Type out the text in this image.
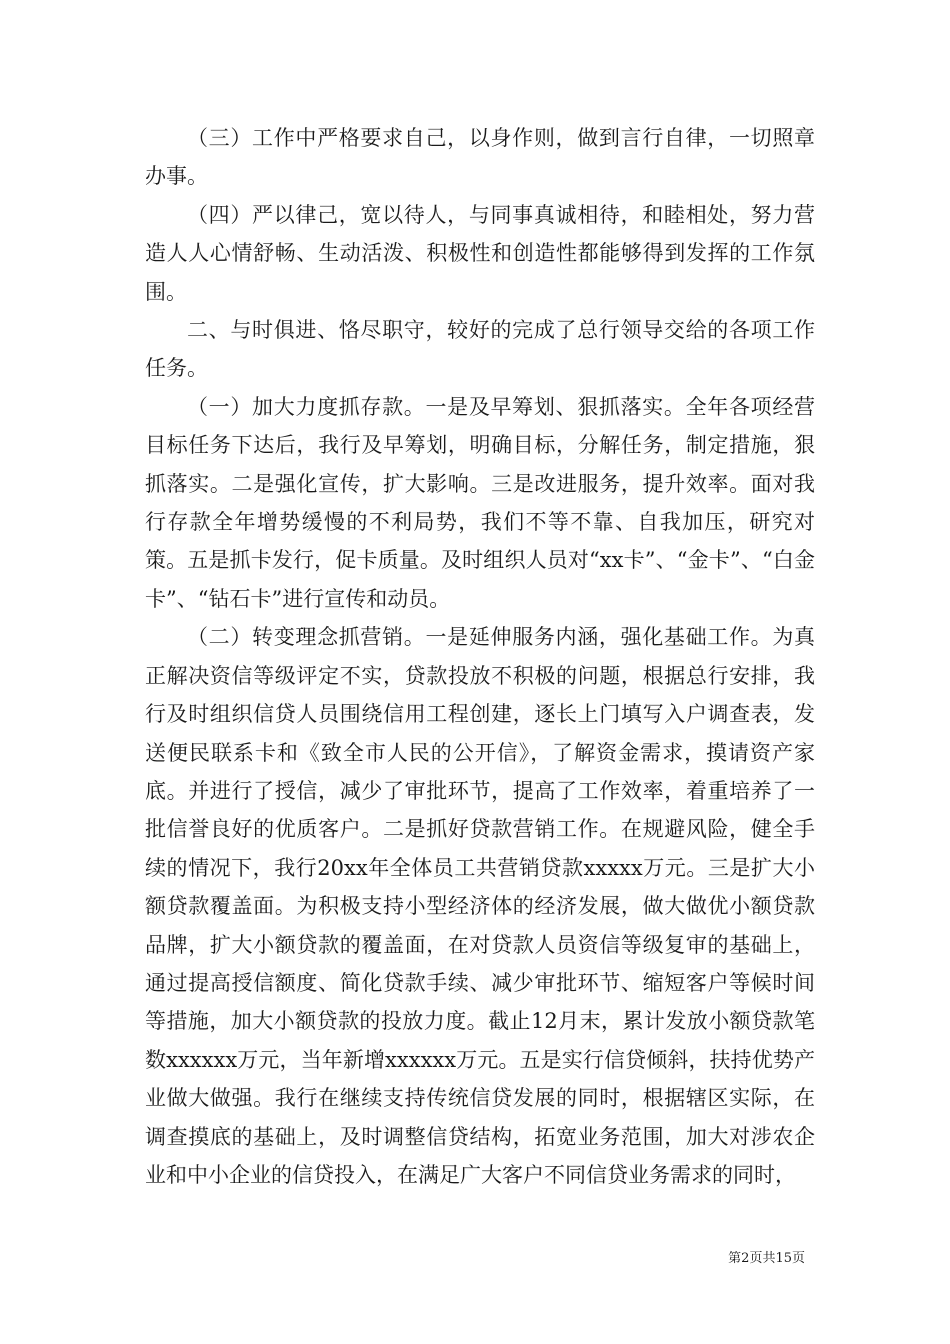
（三）工作中严格要求自己，以身作则，做到言行自律，一切照章办事。

（四）严以律己，宽以待人，与同事真诚相待，和睦相处，努力营造人人心情舒畅、生动活泼、积极性和创造性都能够得到发挥的工作氛围。

二、与时俱进、恪尽职守，较好的完成了总行领导交给的各项工作任务。

（一）加大力度抓存款。一是及早筹划、狠抓落实。全年各项经营目标任务下达后，我行及早筹划，明确目标，分解任务，制定措施，狠抓落实。二是强化宣传，扩大影响。三是改进服务，提升效率。面对我行存款全年增势缓慢的不利局势，我们不等不靠、自我加压，研究对策。五是抓卡发行，促卡质量。及时组织人员对“xx卡”、“金卡”、“白金卡”、“钻石卡”进行宣传和动员。

（二）转变理念抓营销。一是延伸服务内涵，强化基础工作。为真正解决资信等级评定不实，贷款投放不积极的问题，根据总行安排，我行及时组织信贷人员围绕信用工程创建，逐长上门填写入户调查表，发送便民联系卡和《致全市人民的公开信》，了解资金需求，摸请资产家底。并进行了授信，减少了审批环节，提高了工作效率，着重培养了一批信誉良好的优质客户。二是抓好贷款营销工作。在规避风险，健全手续的情况下，我行20xx年全体员工共营销贷款xxxxx万元。三是扩大小额贷款覆盖面。为积极支持小型经济体的经济发展，做大做优小额贷款品牌，扩大小额贷款的覆盖面，在对贷款人员资信等级复审的基础上，通过提高授信额度、简化贷款手续、减少审批环节、缩短客户等候时间等措施，加大小额贷款的投放力度。截止12月末，累计发放小额贷款笔数xxxxxx万元，当年新增xxxxxx万元。五是实行信贷倾斜，扶持优势产业做大做强。我行在继续支持传统信贷发展的同时，根据辖区实际，在调查摸底的基础上，及时调整信贷结构，拓宽业务范围，加大对涉农企业和中小企业的信贷投入，在满足广大客户不同信贷业务需求的同时，

第2页共15页
